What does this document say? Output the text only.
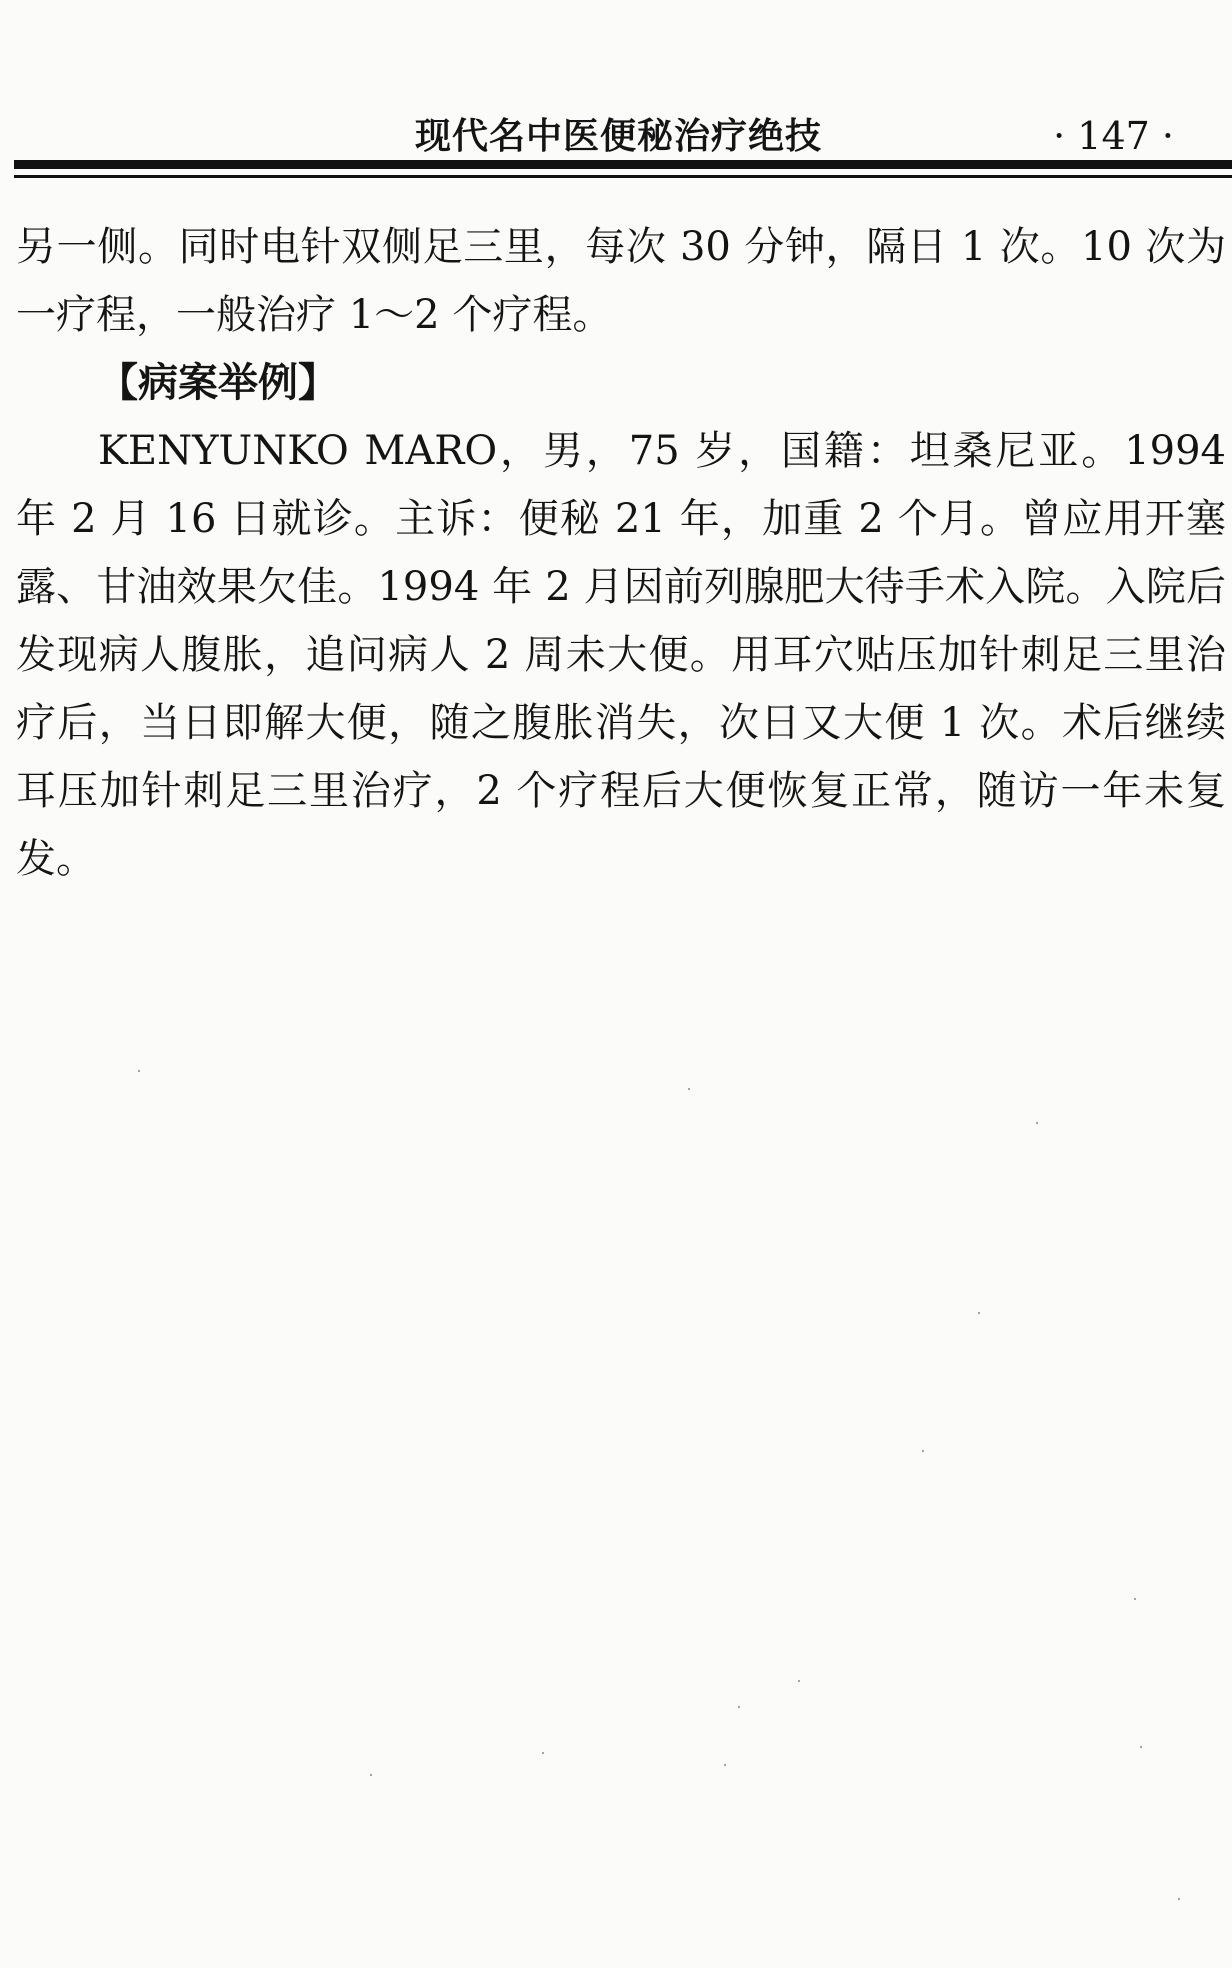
现代名中医便秘治疗绝技	· 147 ·

另一侧。同时电针双侧足三里，每次 30 分钟，隔日 1 次。10 次为一疗程，一般治疗 1～2 个疗程。

【病案举例】

KENYUNKO MARO，男，75 岁，国籍：坦桑尼亚。1994 年 2 月 16 日就诊。主诉：便秘 21 年，加重 2 个月。曾应用开塞露、甘油效果欠佳。1994 年 2 月因前列腺肥大待手术入院。入院后发现病人腹胀，追问病人 2 周未大便。用耳穴贴压加针刺足三里治疗后，当日即解大便，随之腹胀消失，次日又大便 1 次。术后继续耳压加针刺足三里治疗，2 个疗程后大便恢复正常，随访一年未复发。
